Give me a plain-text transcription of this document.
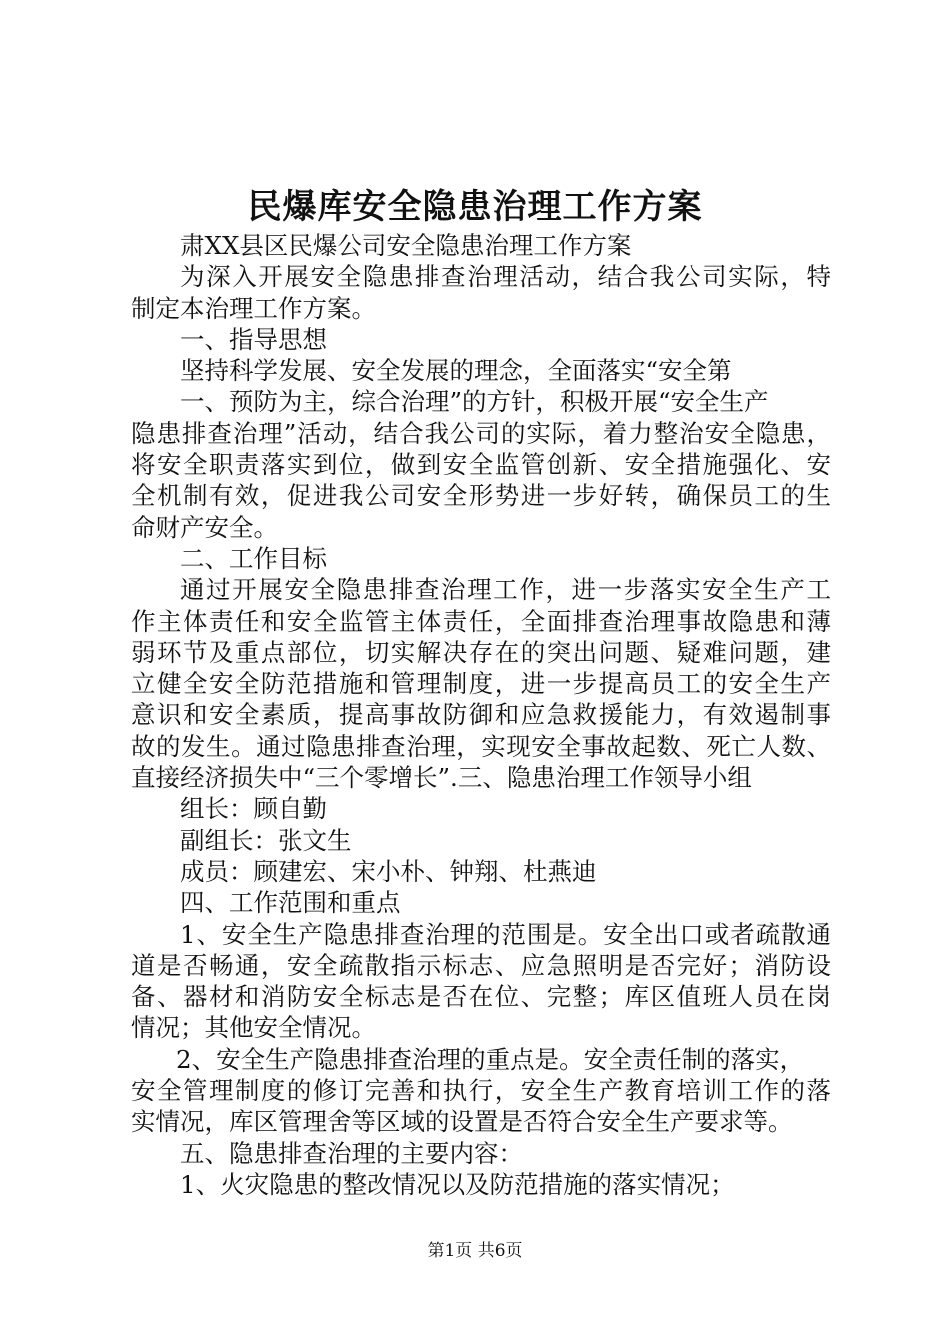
民爆库安全隐患治理工作方案
肃XX县区民爆公司安全隐患治理工作方案
为深入开展安全隐患排查治理活动，结合我公司实际，特
制定本治理工作方案。
一、指导思想
坚持科学发展、安全发展的理念，全面落实“安全第
一、预防为主，综合治理”的方针，积极开展“安全生产
隐患排查治理”活动，结合我公司的实际，着力整治安全隐患，
将安全职责落实到位，做到安全监管创新、安全措施强化、安
全机制有效，促进我公司安全形势进一步好转，确保员工的生
命财产安全。
二、工作目标
通过开展安全隐患排查治理工作，进一步落实安全生产工
作主体责任和安全监管主体责任，全面排查治理事故隐患和薄
弱环节及重点部位，切实解决存在的突出问题、疑难问题，建
立健全安全防范措施和管理制度，进一步提高员工的安全生产
意识和安全素质，提高事故防御和应急救援能力，有效遏制事
故的发生。通过隐患排查治理，实现安全事故起数、死亡人数、
直接经济损失中“三个零增长”.三、隐患治理工作领导小组
组长：顾自勤
副组长：张文生
成员：顾建宏、宋小朴、钟翔、杜燕迪
四、工作范围和重点
1、安全生产隐患排查治理的范围是。安全出口或者疏散通
道是否畅通，安全疏散指示标志、应急照明是否完好；消防设
备、器材和消防安全标志是否在位、完整；库区值班人员在岗
情况；其他安全情况。
2、安全生产隐患排查治理的重点是。安全责任制的落实，
安全管理制度的修订完善和执行，安全生产教育培训工作的落
实情况，库区管理舍等区域的设置是否符合安全生产要求等。
五、隐患排查治理的主要内容：
1、火灾隐患的整改情况以及防范措施的落实情况；
第1页 共6页
